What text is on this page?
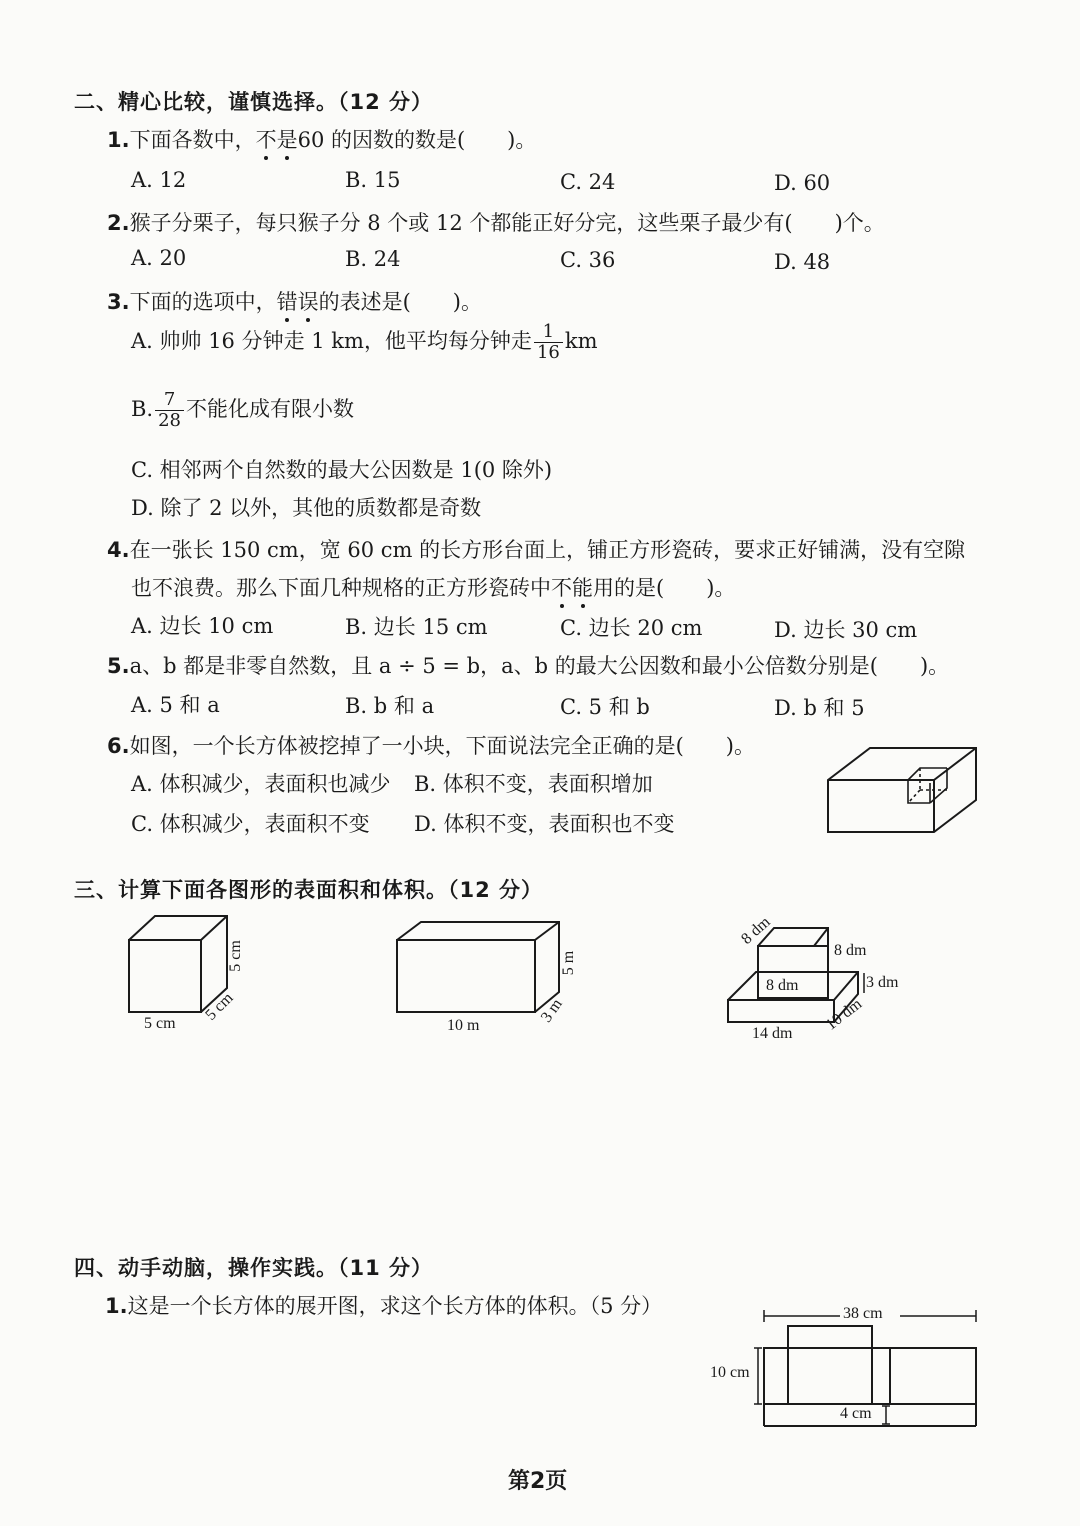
二、精心比较，谨慎选择。（12 分）
1.下面各数中，不是60 的因数的数是(　　)。
A. 12	B. 15	C. 24	D. 60
2.猴子分栗子，每只猴子分 8 个或 12 个都能正好分完，这些栗子最少有(　　)个。
A. 20	B. 24	C. 36	D. 48
3.下面的选项中，错误的表述是(　　)。
A. 帅帅 16 分钟走 1 km，他平均每分钟走 $\frac{1}{16}$ km
B. $\frac{7}{28}$ 不能化成有限小数
C. 相邻两个自然数的最大公因数是 1(0 除外)
D. 除了 2 以外，其他的质数都是奇数
4.在一张长 150 cm，宽 60 cm 的长方形台面上，铺正方形瓷砖，要求正好铺满，没有空隙
也不浪费。那么下面几种规格的正方形瓷砖中不能用的是(　　)。
A. 边长 10 cm	B. 边长 15 cm	C. 边长 20 cm	D. 边长 30 cm
5.a、b 都是非零自然数，且 a ÷ 5 = b，a、b 的最大公因数和最小公倍数分别是(　　)。
A. 5 和 a	B. b 和 a	C. 5 和 b	D. b 和 5
6.如图，一个长方体被挖掉了一小块，下面说法完全正确的是(　　)。
A. 体积减少，表面积也减少 B. 体积不变，表面积增加
C. 体积减少，表面积不变 D. 体积不变，表面积也不变
三、计算下面各图形的表面积和体积。（12 分）
5 cm 5 cm
5 cm
10 m	3 m
5 m
8 dm
8 dm
8 dm	3 dm
14 dm 10 dm
四、动手动脑，操作实践。（11 分）
1.这是一个长方体的展开图，求这个长方体的体积。（5 分）	38 cm
10 cm
4 cm
第2页
